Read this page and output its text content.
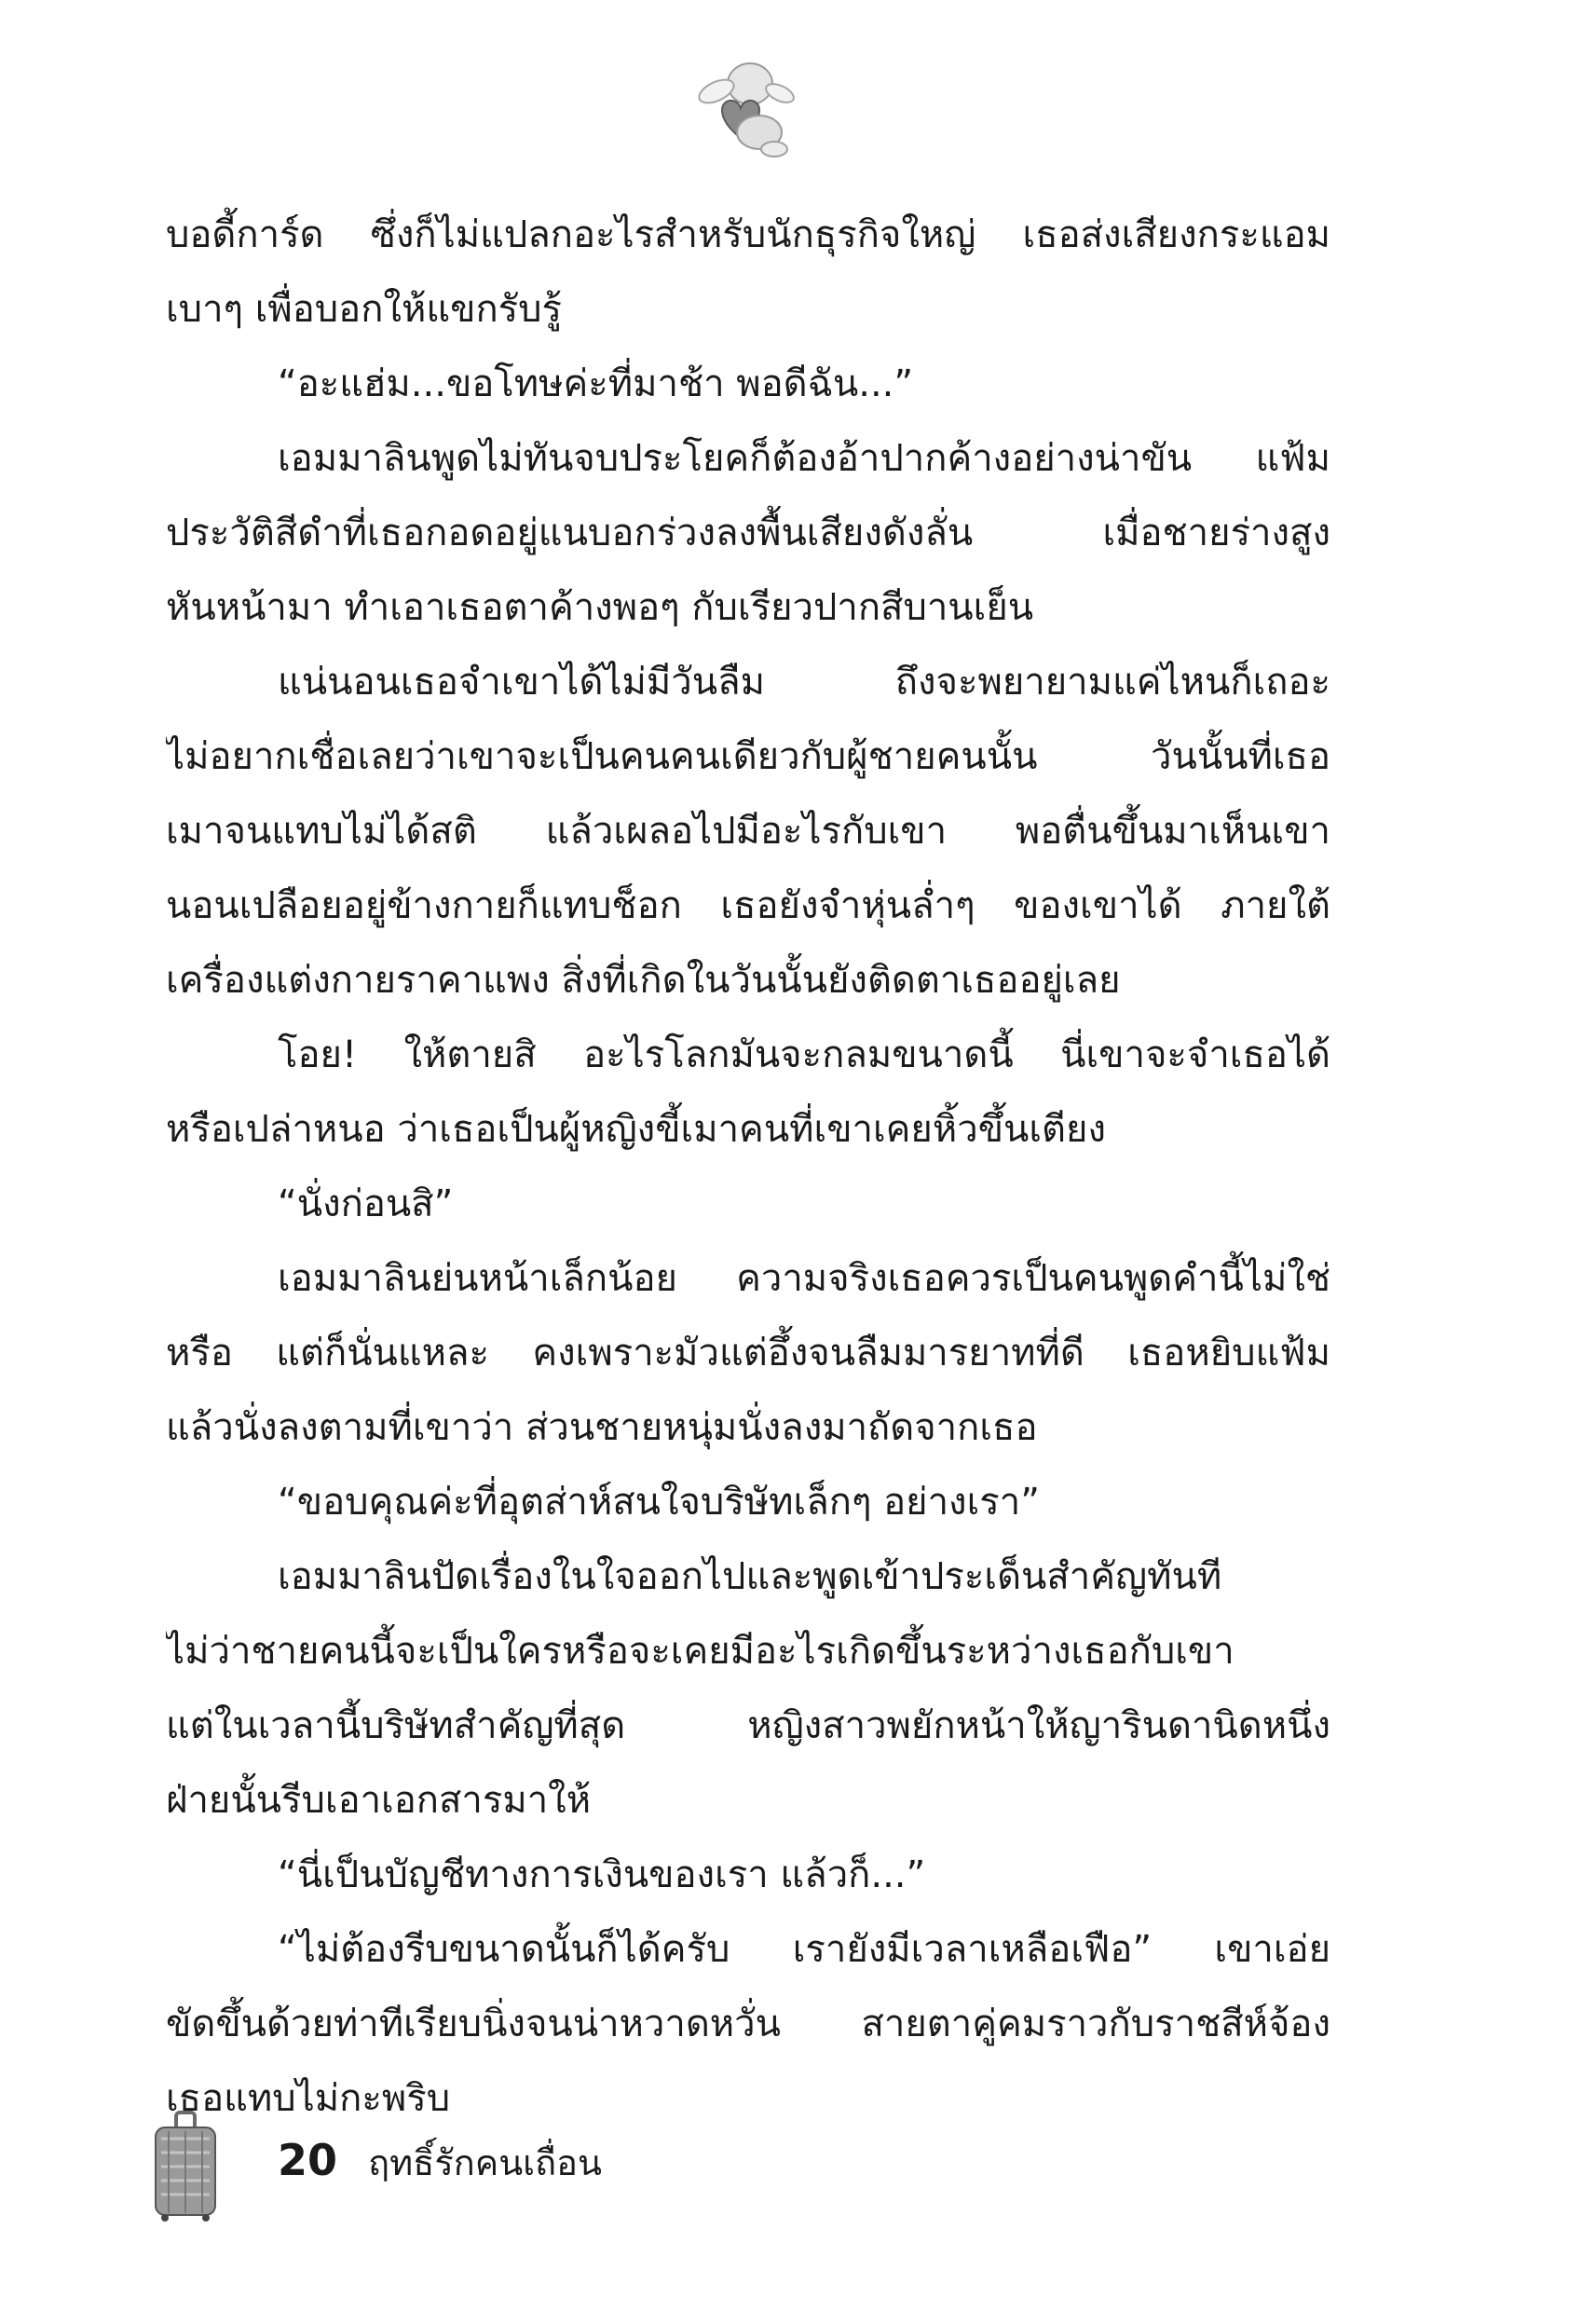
บอดี้การ์ด ซึ่งก็ไม่แปลกอะไรสำหรับนักธุรกิจใหญ่ เธอส่งเสียงกระแอม
เบาๆ เพื่อบอกให้แขกรับรู้
“อะแฮ่ม...ขอโทษค่ะที่มาช้า พอดีฉัน...”
เอมมาลินพูดไม่ทันจบประโยคก็ต้องอ้าปากค้างอย่างน่าขัน แฟ้ม
ประวัติสีดำที่เธอกอดอยู่แนบอกร่วงลงพื้นเสียงดังลั่น เมื่อชายร่างสูง
หันหน้ามา ทำเอาเธอตาค้างพอๆ กับเรียวปากสีบานเย็น
แน่นอนเธอจำเขาได้ไม่มีวันลืม ถึงจะพยายามแค่ไหนก็เถอะ
ไม่อยากเชื่อเลยว่าเขาจะเป็นคนคนเดียวกับผู้ชายคนนั้น วันนั้นที่เธอ
เมาจนแทบไม่ได้สติ แล้วเผลอไปมีอะไรกับเขา พอตื่นขึ้นมาเห็นเขา
นอนเปลือยอยู่ข้างกายก็แทบช็อก เธอยังจำหุ่นล่ำๆ ของเขาได้ ภายใต้
เครื่องแต่งกายราคาแพง สิ่งที่เกิดในวันนั้นยังติดตาเธออยู่เลย
โอย! ให้ตายสิ อะไรโลกมันจะกลมขนาดนี้ นี่เขาจะจำเธอได้
หรือเปล่าหนอ ว่าเธอเป็นผู้หญิงขี้เมาคนที่เขาเคยหิ้วขึ้นเตียง
“นั่งก่อนสิ”
เอมมาลินย่นหน้าเล็กน้อย ความจริงเธอควรเป็นคนพูดคำนี้ไม่ใช่
หรือ แต่ก็นั่นแหละ คงเพราะมัวแต่อึ้งจนลืมมารยาทที่ดี เธอหยิบแฟ้ม
แล้วนั่งลงตามที่เขาว่า ส่วนชายหนุ่มนั่งลงมาถัดจากเธอ
“ขอบคุณค่ะที่อุตส่าห์สนใจบริษัทเล็กๆ อย่างเรา”
เอมมาลินปัดเรื่องในใจออกไปและพูดเข้าประเด็นสำคัญทันที
ไม่ว่าชายคนนี้จะเป็นใครหรือจะเคยมีอะไรเกิดขึ้นระหว่างเธอกับเขา
แต่ในเวลานี้บริษัทสำคัญที่สุด หญิงสาวพยักหน้าให้ญารินดานิดหนึ่ง
ฝ่ายนั้นรีบเอาเอกสารมาให้
“นี่เป็นบัญชีทางการเงินของเรา แล้วก็...”
“ไม่ต้องรีบขนาดนั้นก็ได้ครับ เรายังมีเวลาเหลือเฟือ” เขาเอ่ย
ขัดขึ้นด้วยท่าทีเรียบนิ่งจนน่าหวาดหวั่น สายตาคู่คมราวกับราชสีห์จ้อง
เธอแทบไม่กะพริบ
20 ฤทธิ์รักคนเถื่อน
